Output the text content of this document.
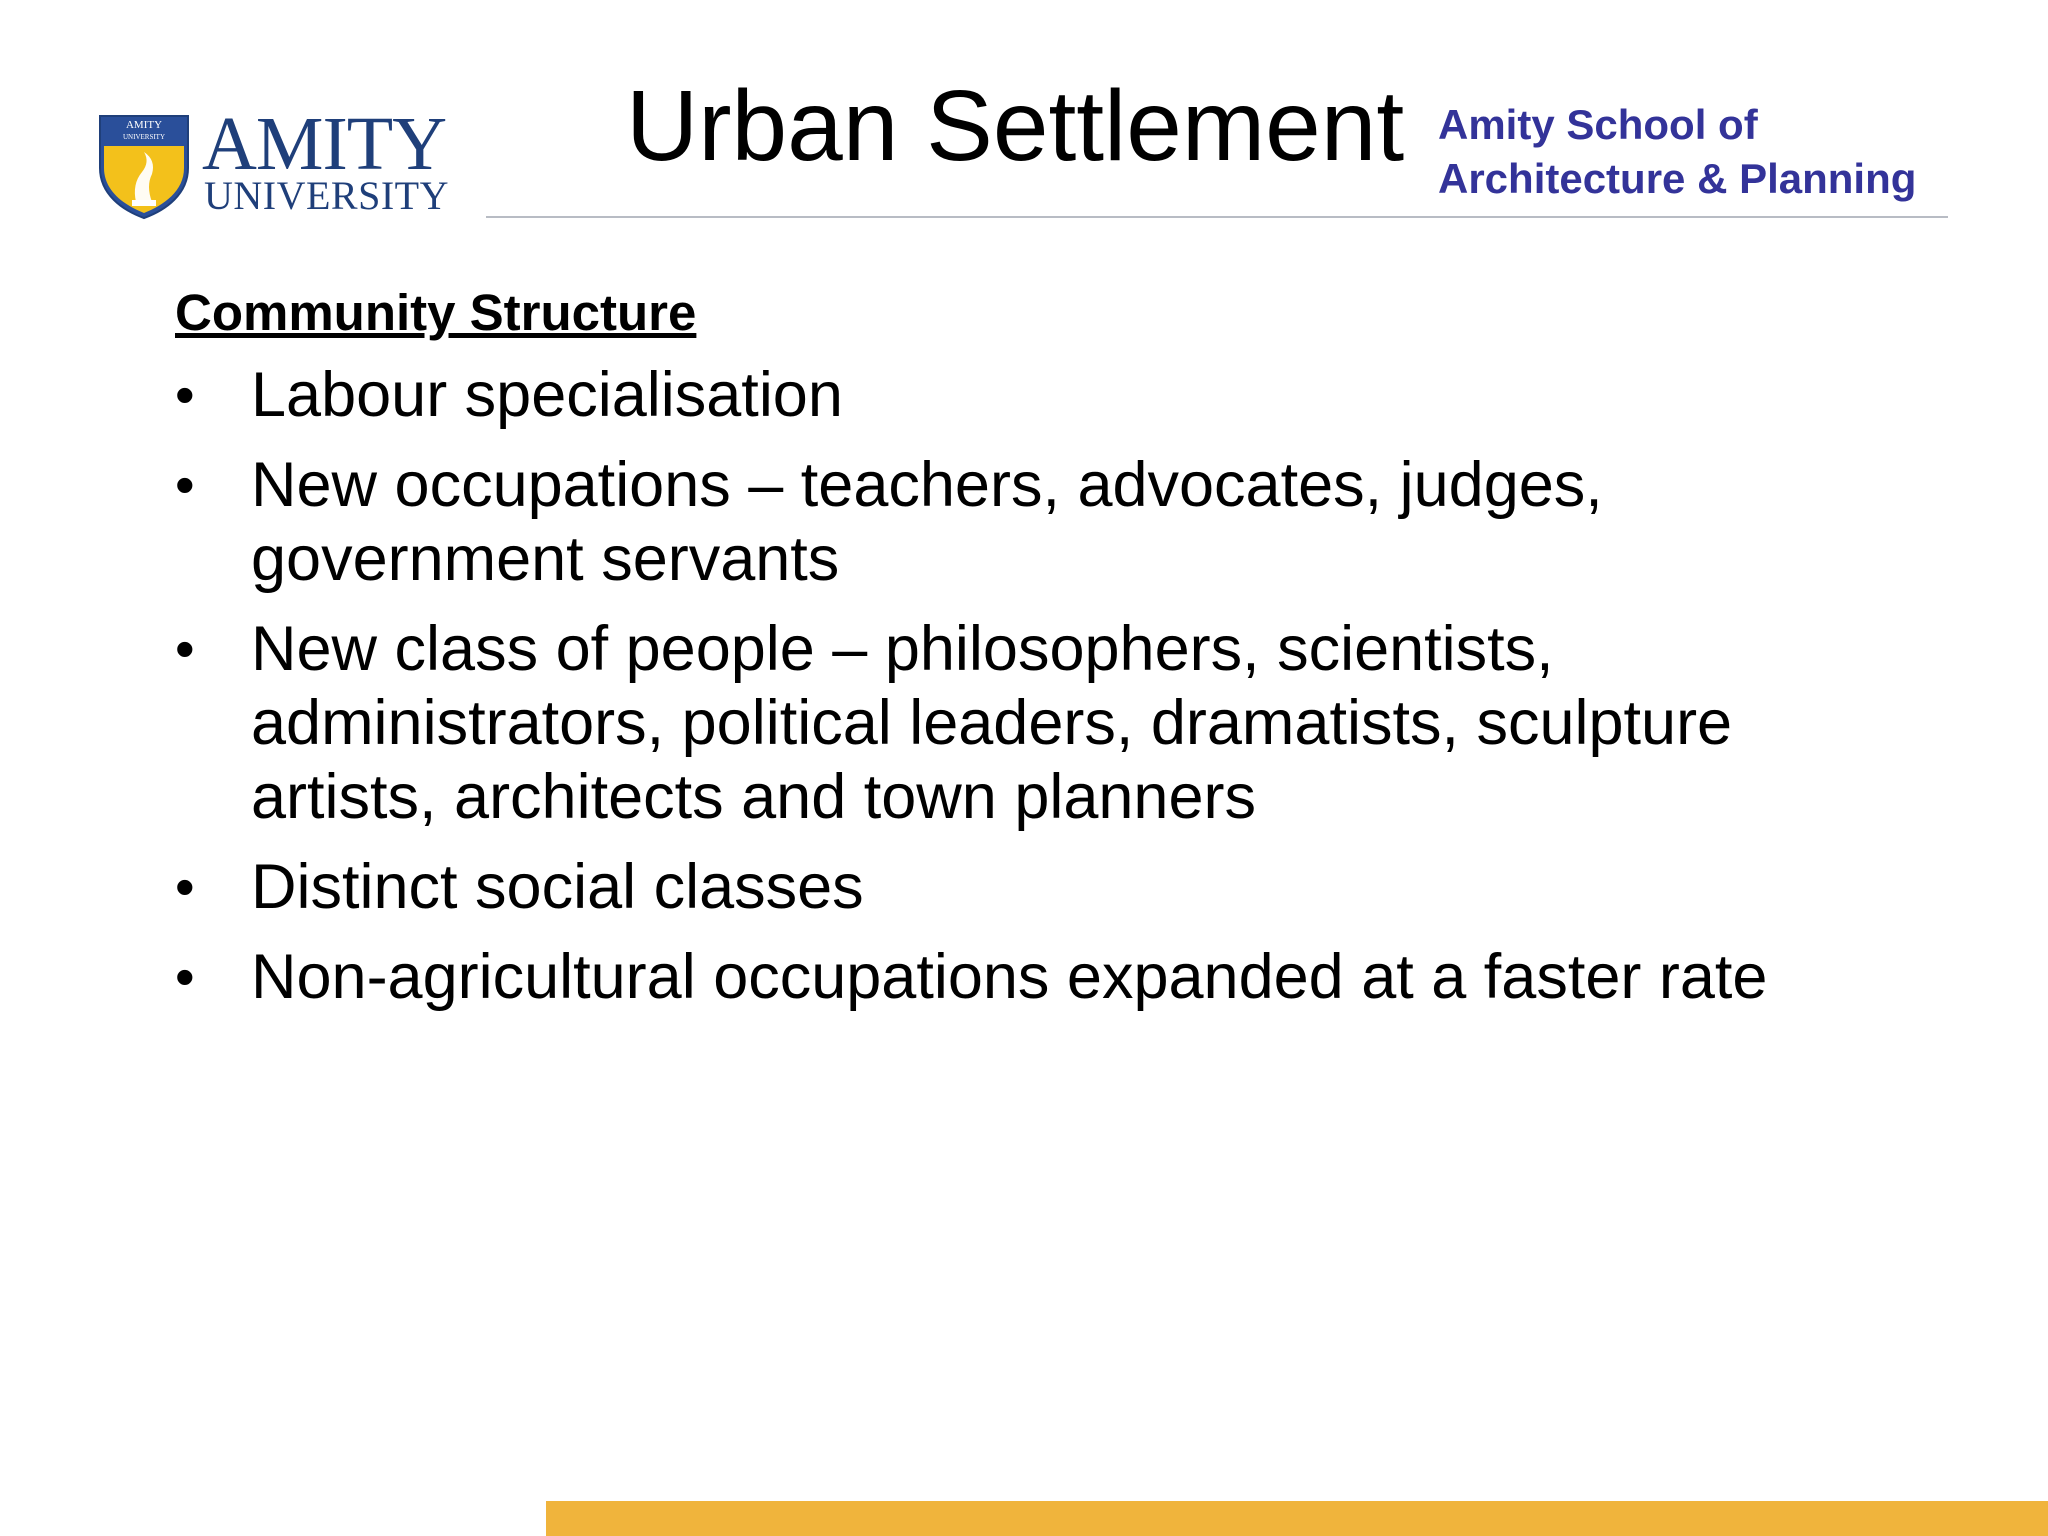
AMITY
UNIVERSITY AMITY
UNIVERSITY
Urban Settlement Amity School of
Architecture & Planning
Community Structure
• Labour specialisation
• New occupations – teachers, advocates, judges, government servants
• New class of people – philosophers, scientists, administrators, political leaders, dramatists, sculpture artists, architects and town planners
• Distinct social classes
• Non-agricultural occupations expanded at a faster rate
